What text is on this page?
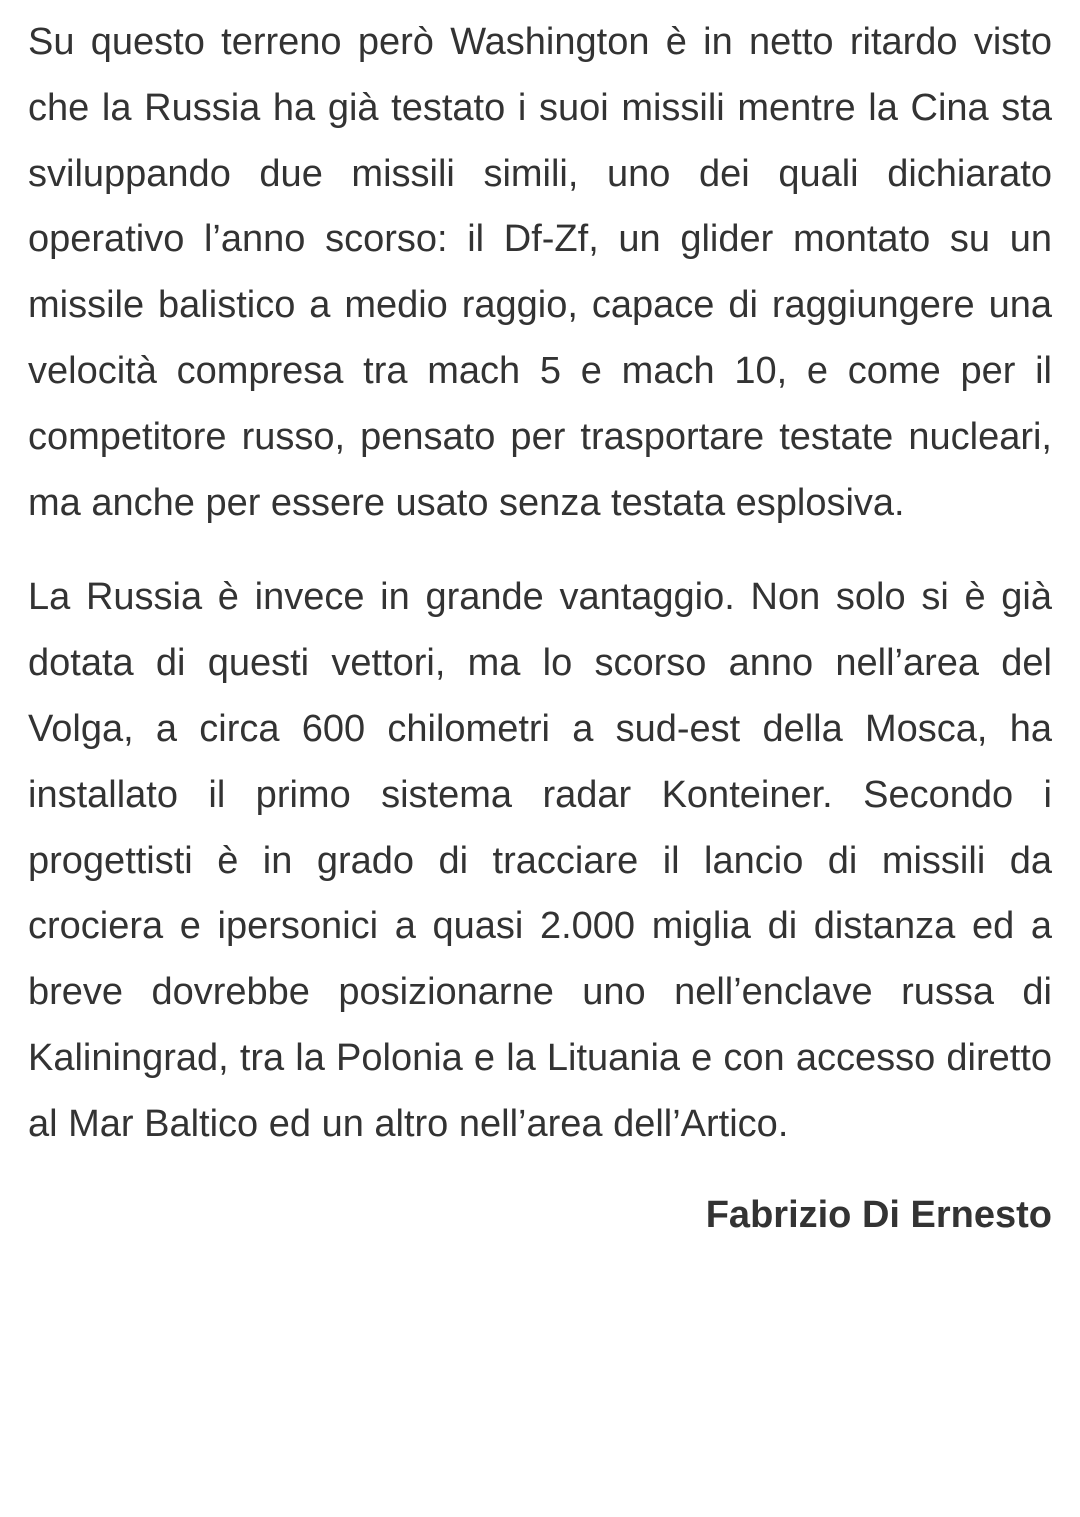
Su questo terreno però Washington è in netto ritardo visto che la Russia ha già testato i suoi missili mentre la Cina sta sviluppando due missili simili, uno dei quali dichiarato operativo l’anno scorso: il Df-Zf, un glider montato su un missile balistico a medio raggio, capace di raggiungere una velocità compresa tra mach 5 e mach 10, e come per il competitore russo, pensato per trasportare testate nucleari, ma anche per essere usato senza testata esplosiva.

La Russia è invece in grande vantaggio. Non solo si è già dotata di questi vettori, ma lo scorso anno nell’area del Volga, a circa 600 chilometri a sud-est della Mosca, ha installato il primo sistema radar Konteiner. Secondo i progettisti è in grado di tracciare il lancio di missili da crociera e ipersonici a quasi 2.000 miglia di distanza ed a breve dovrebbe posizionarne uno nell’enclave russa di Kaliningrad, tra la Polonia e la Lituania e con accesso diretto al Mar Baltico ed un altro nell’area dell’Artico.

Fabrizio Di Ernesto
